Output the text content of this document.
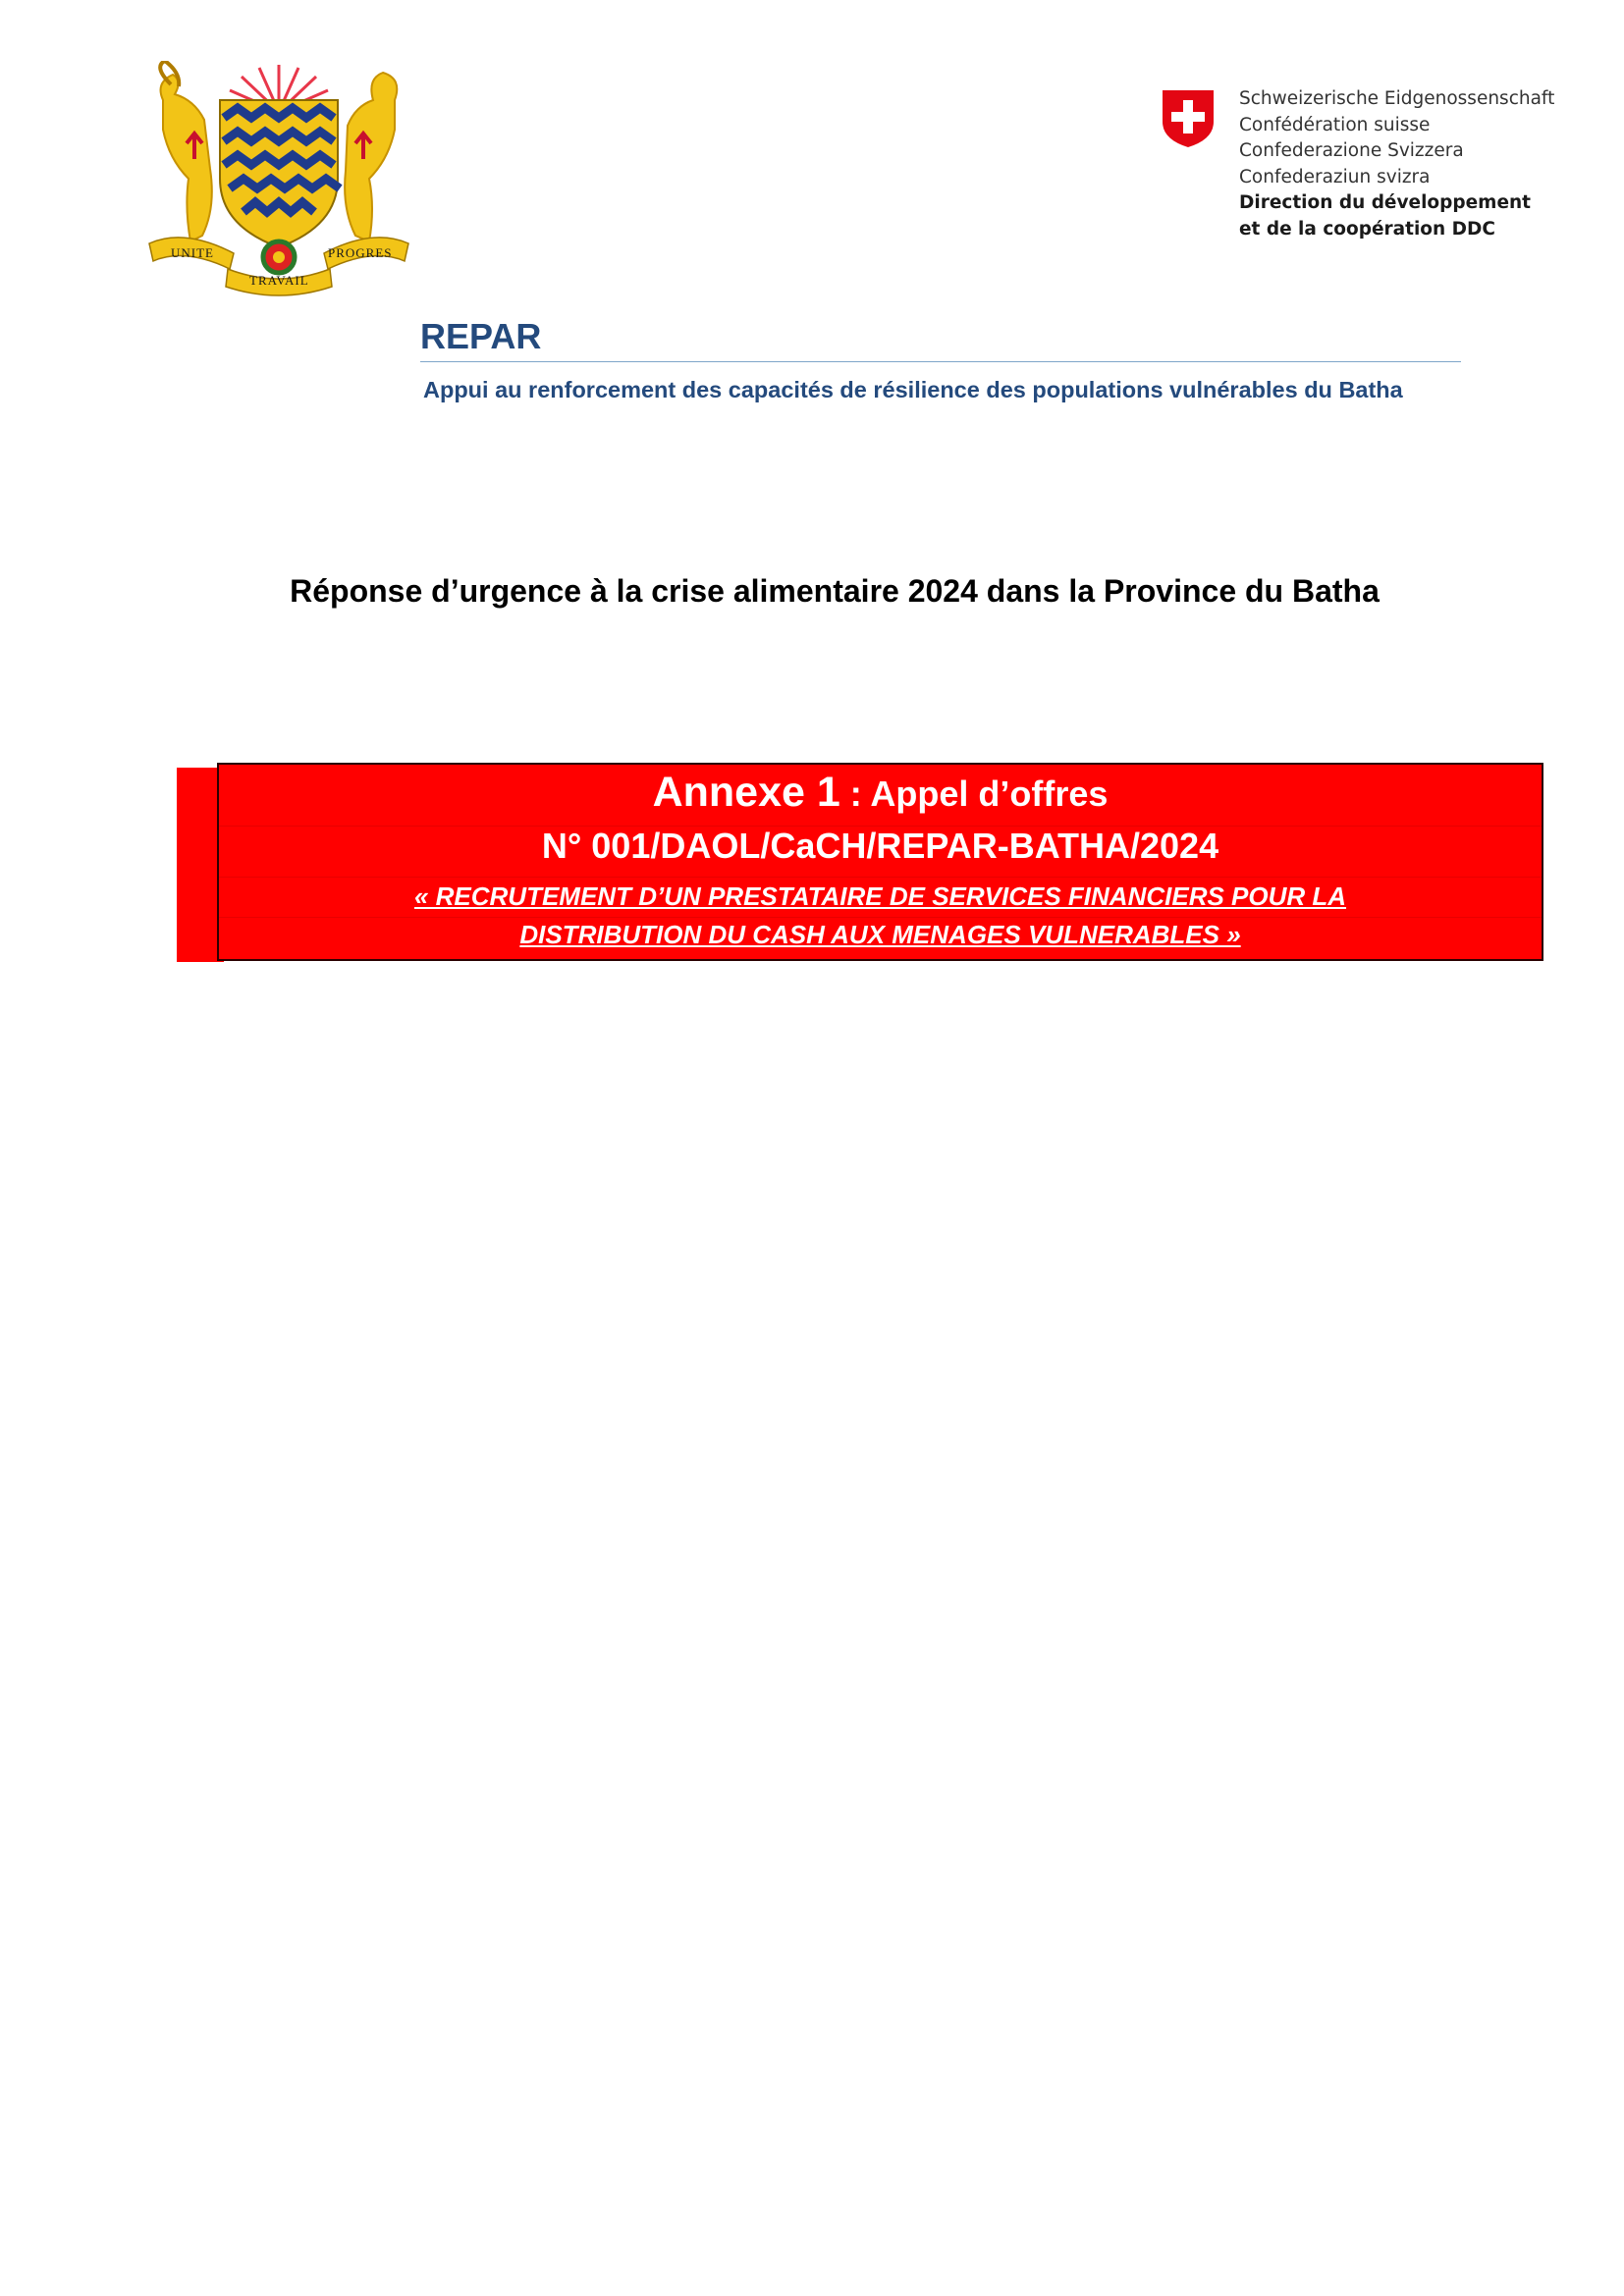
UNITE
TRAVAIL
PROGRES
Schweizerische Eidgenossenschaft
Confédération suisse
Confederazione Svizzera
Confederaziun svizra
Direction du développement
et de la coopération DDC
REPAR
Appui au renforcement des capacités de résilience des populations vulnérables du Batha
Réponse d’urgence à la crise alimentaire 2024 dans la Province du Batha
Annexe 1 : Appel d’offres
N° 001/DAOL/CaCH/REPAR-BATHA/2024
« RECRUTEMENT D’UN PRESTATAIRE DE SERVICES FINANCIERS POUR LA
DISTRIBUTION DU CASH AUX MENAGES VULNERABLES »
